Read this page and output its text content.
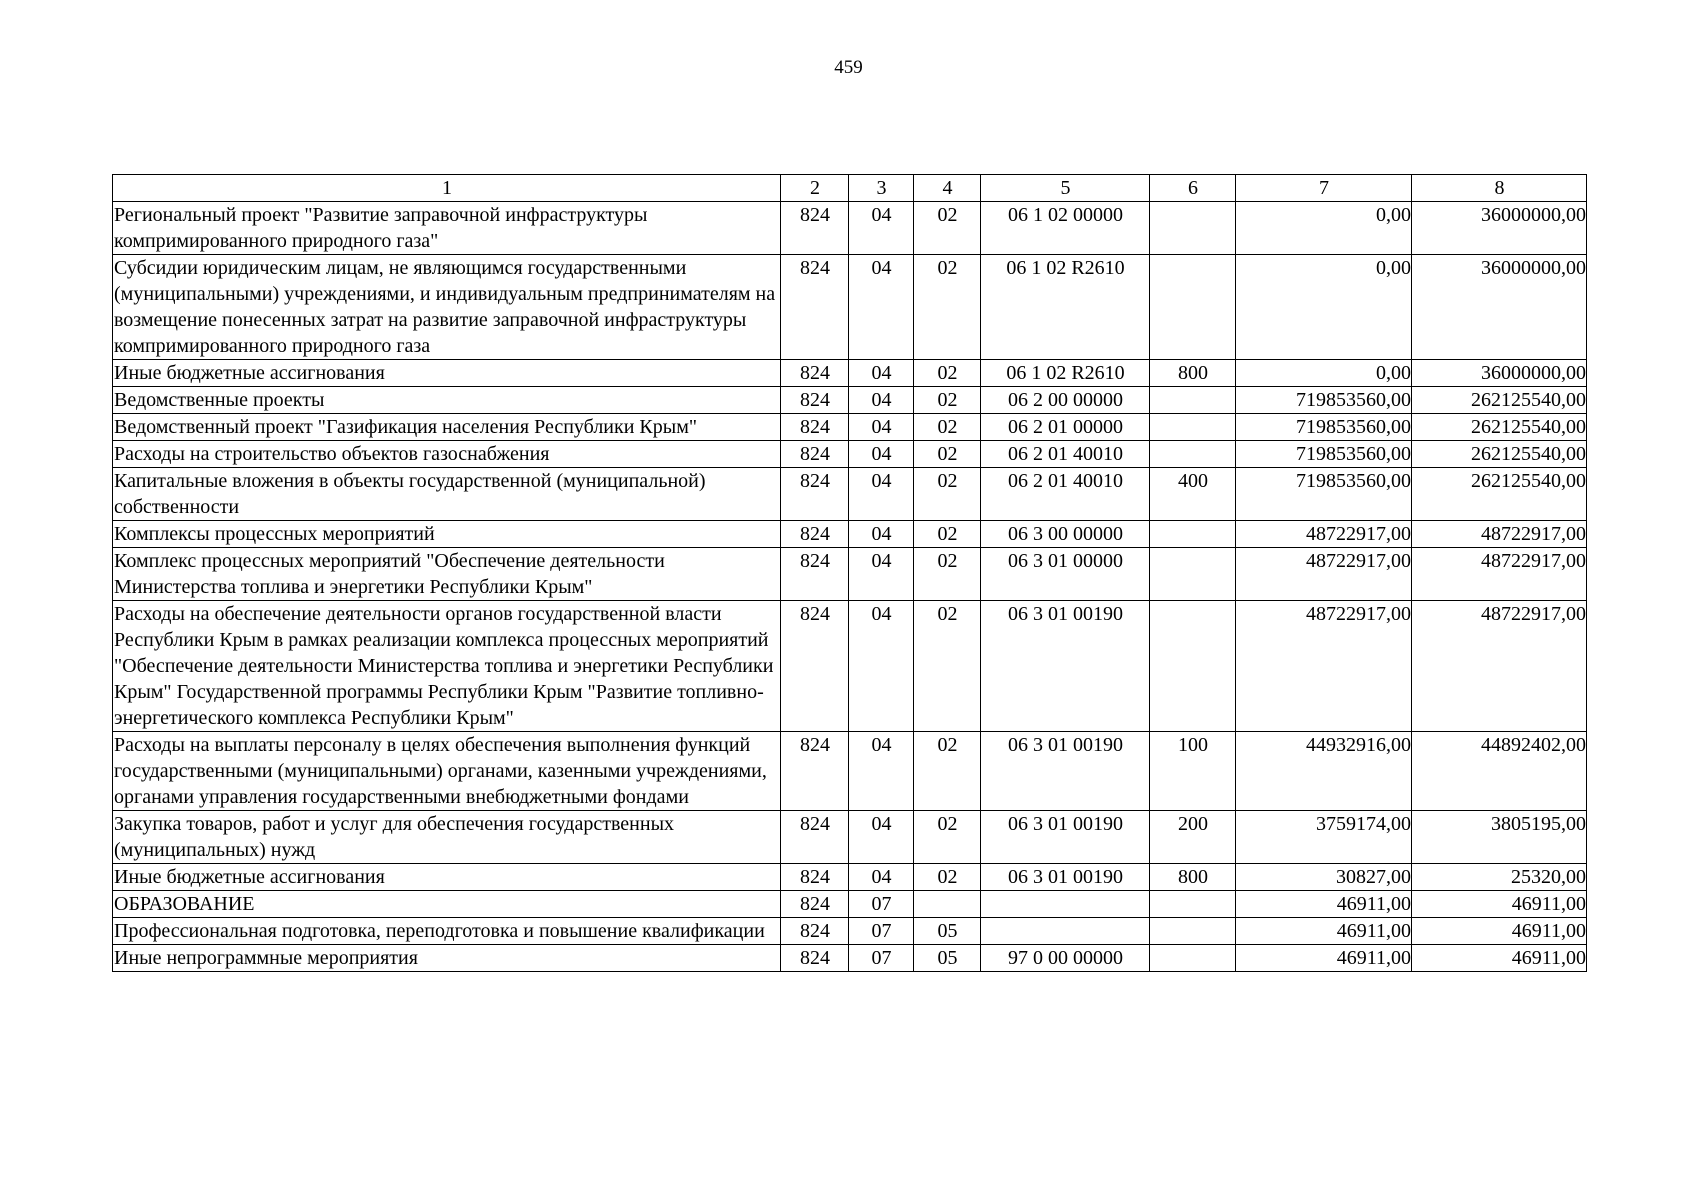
459
1	2	3	4	5	6	7	8
Региональный проект "Развитие заправочной инфраструктуры компримированного природного газа"	824	04	02	06 1 02 00000		0,00	36000000,00
Субсидии юридическим лицам, не являющимся государственными (муниципальными) учреждениями, и индивидуальным предпринимателям на возмещение понесенных затрат на развитие заправочной инфраструктуры компримированного природного газа	824	04	02	06 1 02 R2610		0,00	36000000,00
Иные бюджетные ассигнования	824	04	02	06 1 02 R2610	800	0,00	36000000,00
Ведомственные проекты	824	04	02	06 2 00 00000		719853560,00	262125540,00
Ведомственный проект "Газификация населения Республики Крым"	824	04	02	06 2 01 00000		719853560,00	262125540,00
Расходы на строительство объектов газоснабжения	824	04	02	06 2 01 40010		719853560,00	262125540,00
Капитальные вложения в объекты государственной (муниципальной) собственности	824	04	02	06 2 01 40010	400	719853560,00	262125540,00
Комплексы процессных мероприятий	824	04	02	06 3 00 00000		48722917,00	48722917,00
Комплекс процессных мероприятий "Обеспечение деятельности Министерства топлива и энергетики Республики Крым"	824	04	02	06 3 01 00000		48722917,00	48722917,00
Расходы на обеспечение деятельности органов государственной власти Республики Крым в рамках реализации комплекса процессных мероприятий "Обеспечение деятельности Министерства топлива и энергетики Республики Крым" Государственной программы Республики Крым "Развитие топливно-энергетического комплекса Республики Крым"	824	04	02	06 3 01 00190		48722917,00	48722917,00
Расходы на выплаты персоналу в целях обеспечения выполнения функций государственными (муниципальными) органами, казенными учреждениями, органами управления государственными внебюджетными фондами	824	04	02	06 3 01 00190	100	44932916,00	44892402,00
Закупка товаров, работ и услуг для обеспечения государственных (муниципальных) нужд	824	04	02	06 3 01 00190	200	3759174,00	3805195,00
Иные бюджетные ассигнования	824	04	02	06 3 01 00190	800	30827,00	25320,00
ОБРАЗОВАНИЕ	824	07				46911,00	46911,00
Профессиональная подготовка, переподготовка и повышение квалификации	824	07	05			46911,00	46911,00
Иные непрограммные мероприятия	824	07	05	97 0 00 00000		46911,00	46911,00
